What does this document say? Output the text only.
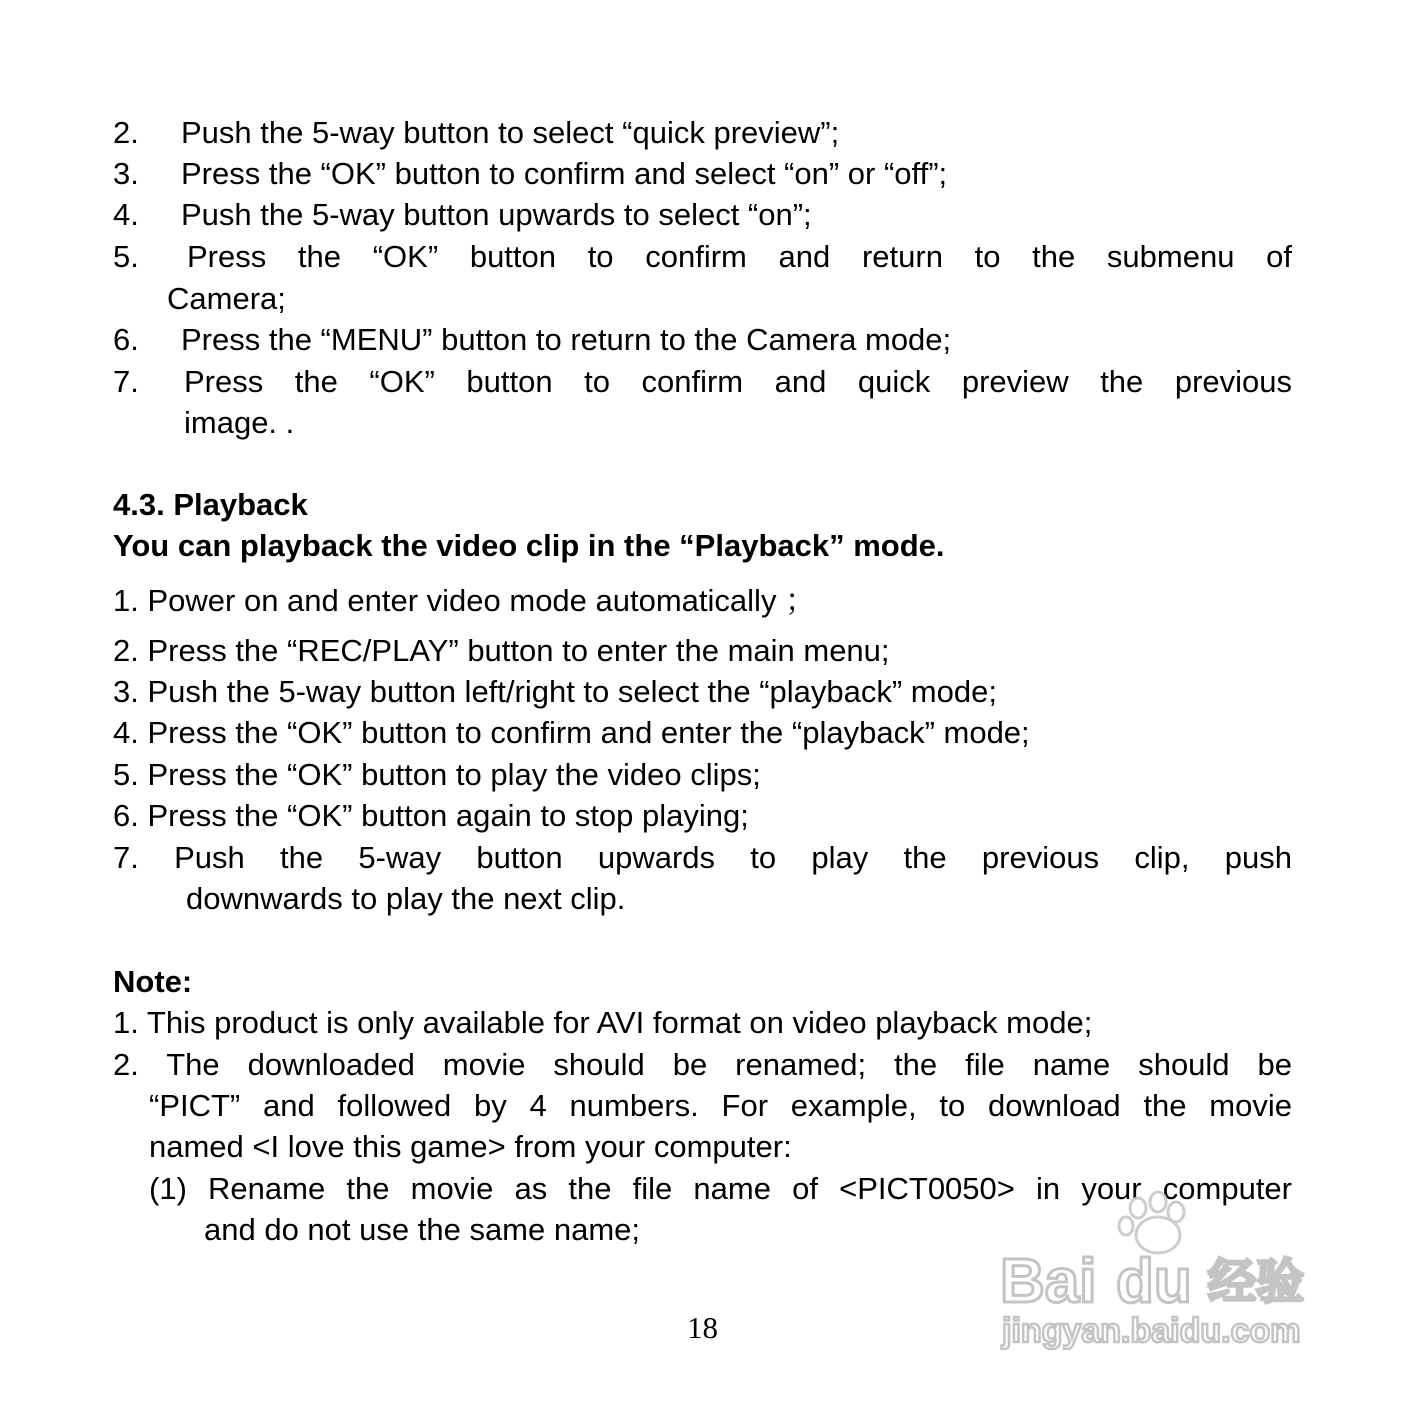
2. Push the 5-way button to select “quick preview”;
3. Press the “OK” button to confirm and select “on” or “off”;
4. Push the 5-way button upwards to select “on”;
5.	Press the “OK” button to confirm and return to the submenu of
Camera;
6. Press the “MENU” button to return to the Camera mode;
7. Press the “OK” button to confirm and quick preview the previous
image. .
4.3. Playback
You can playback the video clip in the “Playback” mode.
1. Power on and enter video mode automatically ；
2. Press the “REC/PLAY” button to enter the main menu;
3. Push the 5-way button left/right to select the “playback” mode;
4. Press the “OK” button to confirm and enter the “playback” mode;
5. Press the “OK” button to play the video clips;
6. Press the “OK” button again to stop playing;
7. Push the 5-way button upwards to play the previous clip, push
downwards to play the next clip.
Note:
1. This product is only available for AVI format on video playback mode;
2. The downloaded movie should be renamed; the file name should be
“PICT” and followed by 4 numbers. For example, to download the movie
named <I love this game> from your computer:
(1) Rename the movie as the file name of <PICT0050> in your computer
and do not use the same name;
18
Bai du 经验
jingyan.baidu.com
